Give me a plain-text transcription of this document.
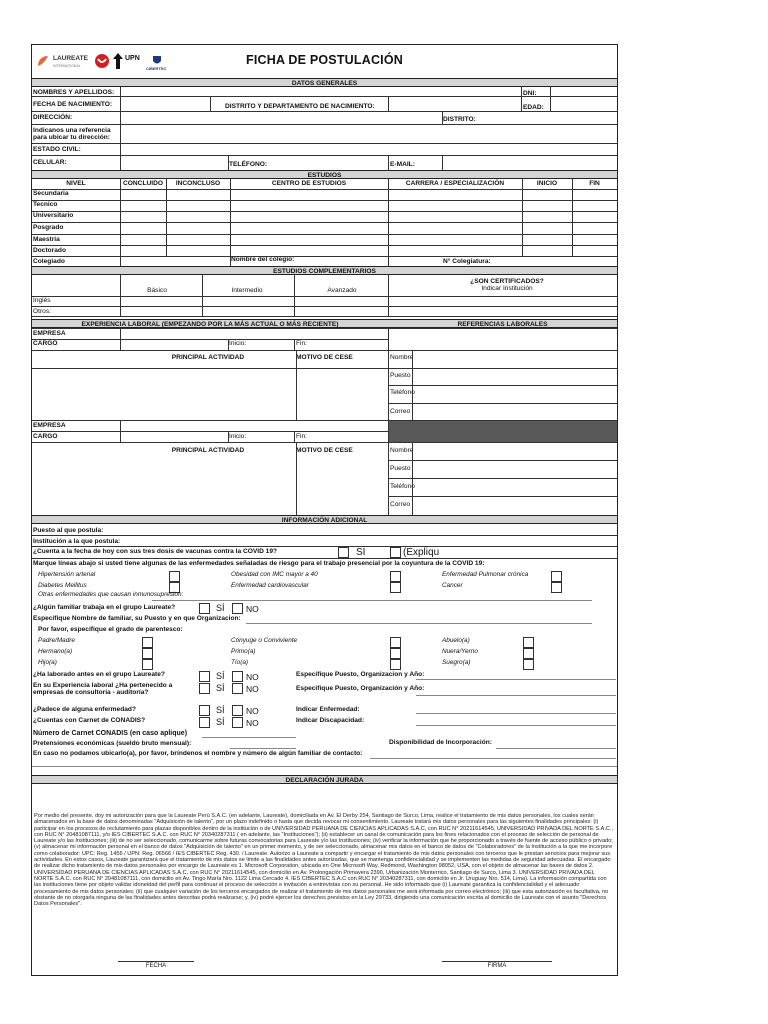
LAUREATE
INTERNATIONAL
UPN
CIBERTEC
FICHA DE POSTULACIÓN
DATOS GENERALES
NOMBRES Y APELLIDOS:	DNI:
FECHA DE NACIMIENTO:	DISTRITO Y DEPARTAMENTO DE NACIMIENTO:	EDAD:
DIRECCIÓN:	DISTRITO:
Indicanos una referencia
para ubicar tu dirección:
ESTADO CIVIL:
CELULAR:	TELÉFONO:	E-MAIL:
ESTUDIOS
NIVEL	CONCLUIDO	INCONCLUSO	CENTRO DE ESTUDIOS	CARRERA / ESPECIALIZACIÓN	INICIO	FIN
Secundaria
Tecnico
Universitario
Posgrado
Maestria
Doctorado
Colegiado	Nombre del colegio:	N° Colegiatura:
ESTUDIOS COMPLEMENTARIOS
Básico	Intermedio	Avanzado
¿SON CERTIFICADOS?
Indicar Institución
Inglés
Otros:
EXPERIENCIA LABORAL (EMPEZANDO POR LA MÁS ACTUAL O MÁS RECIENTE)	REFERENCIAS LABORALES
EMPRESA
CARGO	Inicio:	Fin:
PRINCIPAL ACTIVIDAD	MOTIVO DE CESE	Nombre
Puesto
Teléfono
Correo
EMPRESA
CARGO	Inicio:	Fin:
PRINCIPAL ACTIVIDAD	MOTIVO DE CESE	Nombre
Puesto
Teléfono
Correo
INFORMACIÓN ADICIONAL
Puesto al que postula:
Institución a la que postula:
¿Cuenta a la fecha de hoy con sus tres dosis de vacunas contra la COVID 19?	SÍ	(Expliqu
Marque líneas abajo si usted tiene algunas de las enfermedades señaladas de riesgo para el trabajo presencial por la coyuntura de la COVID 19:
Hipertensión arterial	Obesidad con IMC mayor a 40	Enfermedad Pulmonar crónica
Diabetes Mellitus	Enfermedad cardiovascular	Cancer
Otras enfermedades que causan inmunosupresion:
¿Algún familiar trabaja en el grupo Laureate?	SÍ	NO
Especifique Nombre de familiar, su Puesto y en que Organizacion:
Por favor, especifique el grado de parentesco:
Padre/Madre	Cónyuge o Conviviente	Abuelo(a)
Hermano(a)	Primo(a)	Nuera/Yerno
Hijo(a)	Tío(a)	Suegro(a)
¿Ha laborado antes en el grupo Laureate?	SÍ	NO	Especifique Puesto, Organizacion y Año:
En su Experiencia laboral ¿Ha pertenecido a
empresas de consultoría - auditoría?	SÍ	NO	Especifique Puesto, Organización y Año:
¿Padece de alguna enfermedad?	SÍ	NO	Indicar Enfermedad:
¿Cuentas con Carnet de CONADIS?	SÍ	NO	Indicar Discapacidad:
Número de Carnet CONADIS (en caso aplique)
Pretensiones económicas (sueldo bruto mensual):	Disponibilidad de Incorporación:
En caso no podamos ubicarlo(a), por favor, bríndenos el nombre y número de algún familiar de contacto:
DECLARACIÓN JURADA
Por medio del presente, doy mi autorización para que la Laureate Perú S.A.C. (en adelante, Laureate), domiciliada en Av. El Derby 254, Santiago de Surco, Lima, realice el tratamiento de mis datos personales, los cuales serán almacenados en la base de datos denominadas "Adquisición de talento", por un plazo indefinido o hasta que decida revocar mi consentimiento. Laureate tratará mis datos personales para las siguientes finalidades principales: (i) participar en los procesos de reclutamiento para plazas disponibles dentro de la institución o de UNIVERSIDAD PERUANA DE CIENCIAS APLICADAS S.A.C, con RUC N° 20211614545, UNIVERSIDAD PRIVADA DEL NORTE S.A.C., con RUC N° 20481087111, y/o IES CIBERTEC S.A.C. con RUC N° 20340287311 ( en adelante, las "Instituciones"); (ii) establecer un canal de comunicación para los fines relacionados con el proceso de selección de personal de Laureate y/o las Instituciones; (iii) de no ser seleccionado, comunicarme sobre futuras convocatorias para Laureate y/o las Instituciones; (iv) verificar la información que he proporcionado a través de fuente de acceso público o privado; (v) almacenar mi información personal en el banco de datos "Adquisición de talento" en un primer momento, y de ser seleccionado, almacenar mis datos en el banco de datos de "Colaboradores" de la Institución a la que me incorpore como colaborador: UPC: Reg. 1456 / UPN: Reg. 06566 / IES CIBERTEC Reg. 430. / Laureate. Autorizo a Laureate a compartir y encargar el tratamiento de mis datos personales con terceros que le prestan servicios para mejorar sus actividades. En estos casos, Laureate garantizará que el tratamiento de mis datos se limite a las finalidades antes autorizadas, que se mantenga confidencialidad y se implementen las medidas de seguridad adecuadas. El encargado de realizar dicho tratamiento de mis datos personales por encargo de Laureate es 1. Microsoft Corporation, ubicada en One Microsoft Way, Redmond, Washington 98052, USA, con el objeto de almacenar las bases de datos 2. UNIVERSIDAD PERUANA DE CIENCIAS APLICADAS S.A.C, con RUC N° 20211614545, con domicilio en Av. Prolongación Primavera 2390, Urbanización Monterrico, Santiago de Surco, Lima 3. UNIVERSIDAD PRIVADA DEL NORTE S.A.C. con RUC N° 20481087111, con domicilio en Av. Tingo María Nro. 1122 Lima Cercado 4. IES CIBERTEC S.A.C con RUC N° 20340287311, con domicilio en Jr. Uruguay Nro. 514, Lima). La información compartida con las instituciones tiene por objeto validar idoneidad del perfil para continuar el proceso de selección e invitación a entrevistas con su personal. He sido informado que (i) Laureate garantiza la confidencialidad y el adecuado procesamiento de mis datos personales; (ii) que cualquier variación de los terceros encargados de realizar el tratamiento de mis datos personales me será informada por correo electrónico; (iii) que esta autorización es facultativa, no obstante de no otorgarla ninguna de las finalidades antes descritas podrá realizarse; y, (iv) podré ejercer los derechos previstos en la Ley 29733, dirigiendo una comunicación escrita al domicilio de Laureate con el asunto "Derechos Datos Personales".
FECHA	FIRMA
